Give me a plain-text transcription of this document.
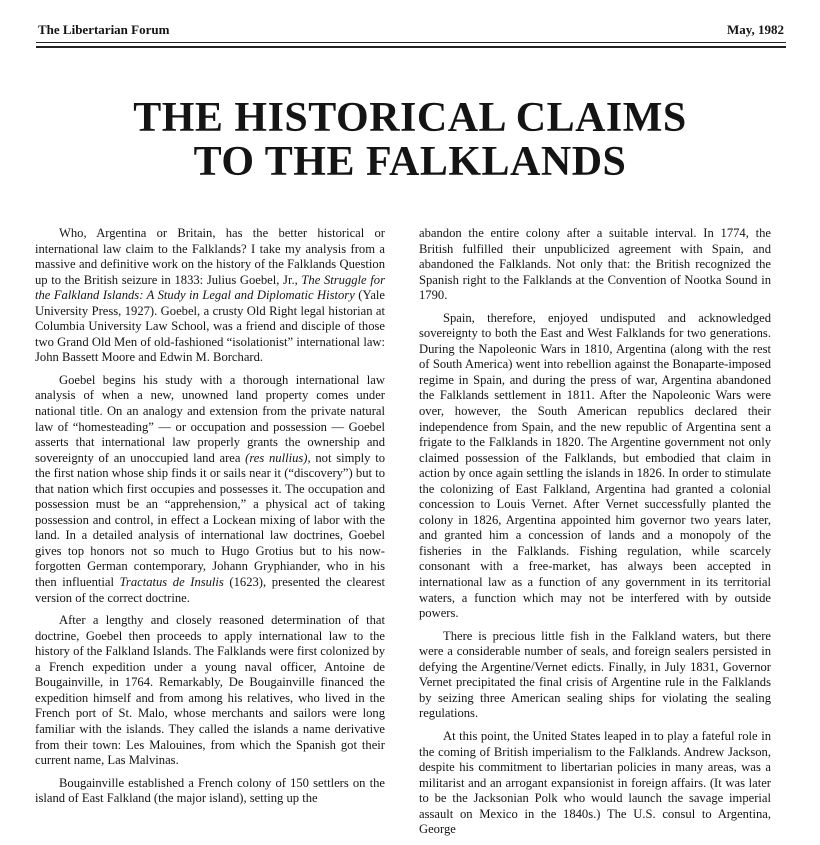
The Libertarian Forum	May, 1982
THE HISTORICAL CLAIMS
TO THE FALKLANDS

Who, Argentina or Britain, has the better historical or international law claim to the Falklands? I take my analysis from a massive and definitive work on the history of the Falklands Question up to the British seizure in 1833: Julius Goebel, Jr., The Struggle for the Falkland Islands: A Study in Legal and Diplomatic History (Yale University Press, 1927). Goebel, a crusty Old Right legal historian at Columbia University Law School, was a friend and disciple of those two Grand Old Men of old-fashioned “isolationist” international law: John Bassett Moore and Edwin M. Borchard.

Goebel begins his study with a thorough international law analysis of when a new, unowned land property comes under national title. On an analogy and extension from the private natural law of “homesteading” — or occupation and possession — Goebel asserts that international law properly grants the ownership and sovereignty of an unoccupied land area (res nullius), not simply to the first nation whose ship finds it or sails near it (“discovery”) but to that nation which first occupies and possesses it. The occupation and possession must be an “apprehension,” a physical act of taking possession and control, in effect a Lockean mixing of labor with the land. In a detailed analysis of international law doctrines, Goebel gives top honors not so much to Hugo Grotius but to his now-forgotten German contemporary, Johann Gryphiander, who in his then influential Tractatus de Insulis (1623), presented the clearest version of the correct doctrine.

After a lengthy and closely reasoned determination of that doctrine, Goebel then proceeds to apply international law to the history of the Falkland Islands. The Falklands were first colonized by a French expedition under a young naval officer, Antoine de Bougainville, in 1764. Remarkably, De Bougainville financed the expedition himself and from among his relatives, who lived in the French port of St. Malo, whose merchants and sailors were long familiar with the islands. They called the islands a name derivative from their town: Les Malouines, from which the Spanish got their current name, Las Malvinas.

Bougainville established a French colony of 150 settlers on the island of East Falkland (the major island), setting up the

abandon the entire colony after a suitable interval. In 1774, the British fulfilled their unpublicized agreement with Spain, and abandoned the Falklands. Not only that: the British recognized the Spanish right to the Falklands at the Convention of Nootka Sound in 1790.

Spain, therefore, enjoyed undisputed and acknowledged sovereignty to both the East and West Falklands for two generations. During the Napoleonic Wars in 1810, Argentina (along with the rest of South America) went into rebellion against the Bonaparte-imposed regime in Spain, and during the press of war, Argentina abandoned the Falklands settlement in 1811. After the Napoleonic Wars were over, however, the South American republics declared their independence from Spain, and the new republic of Argentina sent a frigate to the Falklands in 1820. The Argentine government not only claimed possession of the Falklands, but embodied that claim in action by once again settling the islands in 1826. In order to stimulate the colonizing of East Falkland, Argentina had granted a colonial concession to Louis Vernet. After Vernet successfully planted the colony in 1826, Argentina appointed him governor two years later, and granted him a concession of lands and a monopoly of the fisheries in the Falklands. Fishing regulation, while scarcely consonant with a free-market, has always been accepted in international law as a function of any government in its territorial waters, a function which may not be interfered with by outside powers.

There is precious little fish in the Falkland waters, but there were a considerable number of seals, and foreign sealers persisted in defying the Argentine/Vernet edicts. Finally, in July 1831, Governor Vernet precipitated the final crisis of Argentine rule in the Falklands by seizing three American sealing ships for violating the sealing regulations.

At this point, the United States leaped in to play a fateful role in the coming of British imperialism to the Falklands. Andrew Jackson, despite his commitment to libertarian policies in many areas, was a militarist and an arrogant expansionist in foreign affairs. (It was later to be the Jacksonian Polk who would launch the savage imperial assault on Mexico in the 1840s.) The U.S. consul to Argentina, George
